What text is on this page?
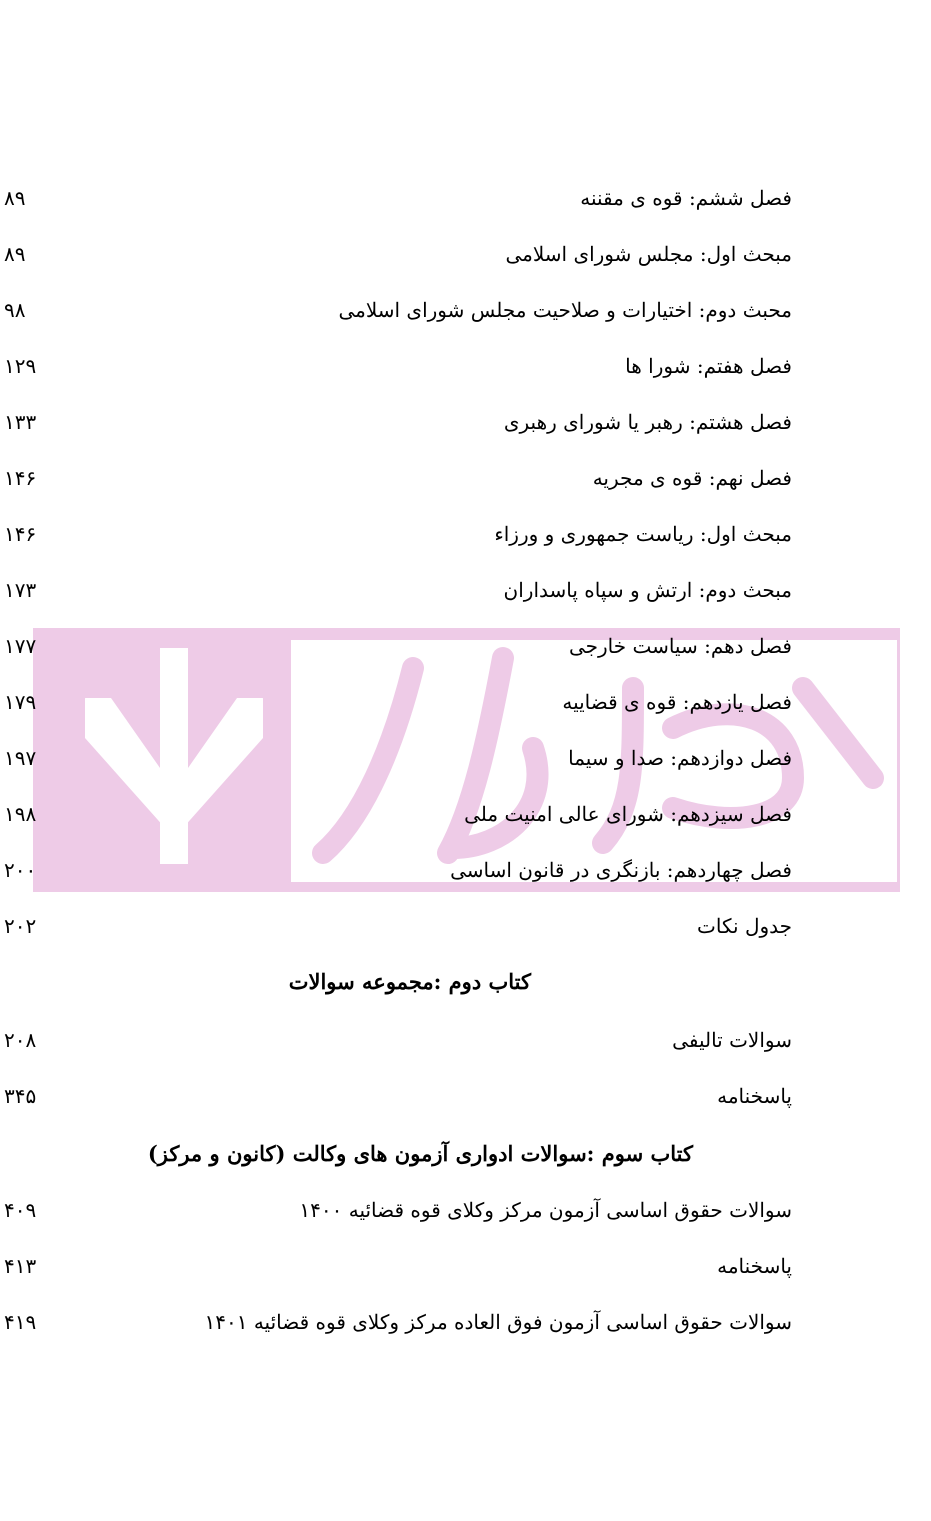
فصل ششم: قوه ی مقننه
۸۹
مبحث اول: مجلس شورای اسلامی
۸۹
محبث دوم: اختیارات و صلاحیت مجلس شورای اسلامی
۹۸
فصل هفتم: شورا ها
۱۲۹
فصل هشتم: رهبر یا شورای رهبری
۱۳۳
فصل نهم: قوه ی مجریه
۱۴۶
مبحث اول: ریاست جمهوری و ورزاء
۱۴۶
مبحث دوم: ارتش و سپاه پاسداران
۱۷۳
فصل دهم: سیاست خارجی
۱۷۷
فصل یازدهم: قوه ی قضاییه
۱۷۹
فصل دوازدهم: صدا و سیما
۱۹۷
فصل سیزدهم: شورای عالی امنیت ملی
۱۹۸
فصل چهاردهم: بازنگری در قانون اساسی
۲۰۰
جدول نکات
۲۰۲
کتاب دوم :مجموعه سوالات
سوالات تالیفی
۲۰۸
پاسخنامه
۳۴۵
کتاب سوم :سوالات ادواری آزمون های وکالت (کانون و مرکز)
سوالات حقوق اساسی آزمون مرکز وکلای قوه قضائیه ۱۴۰۰
۴۰۹
پاسخنامه
۴۱۳
سوالات حقوق اساسی آزمون فوق العاده مرکز وکلای قوه قضائیه ۱۴۰۱
۴۱۹
